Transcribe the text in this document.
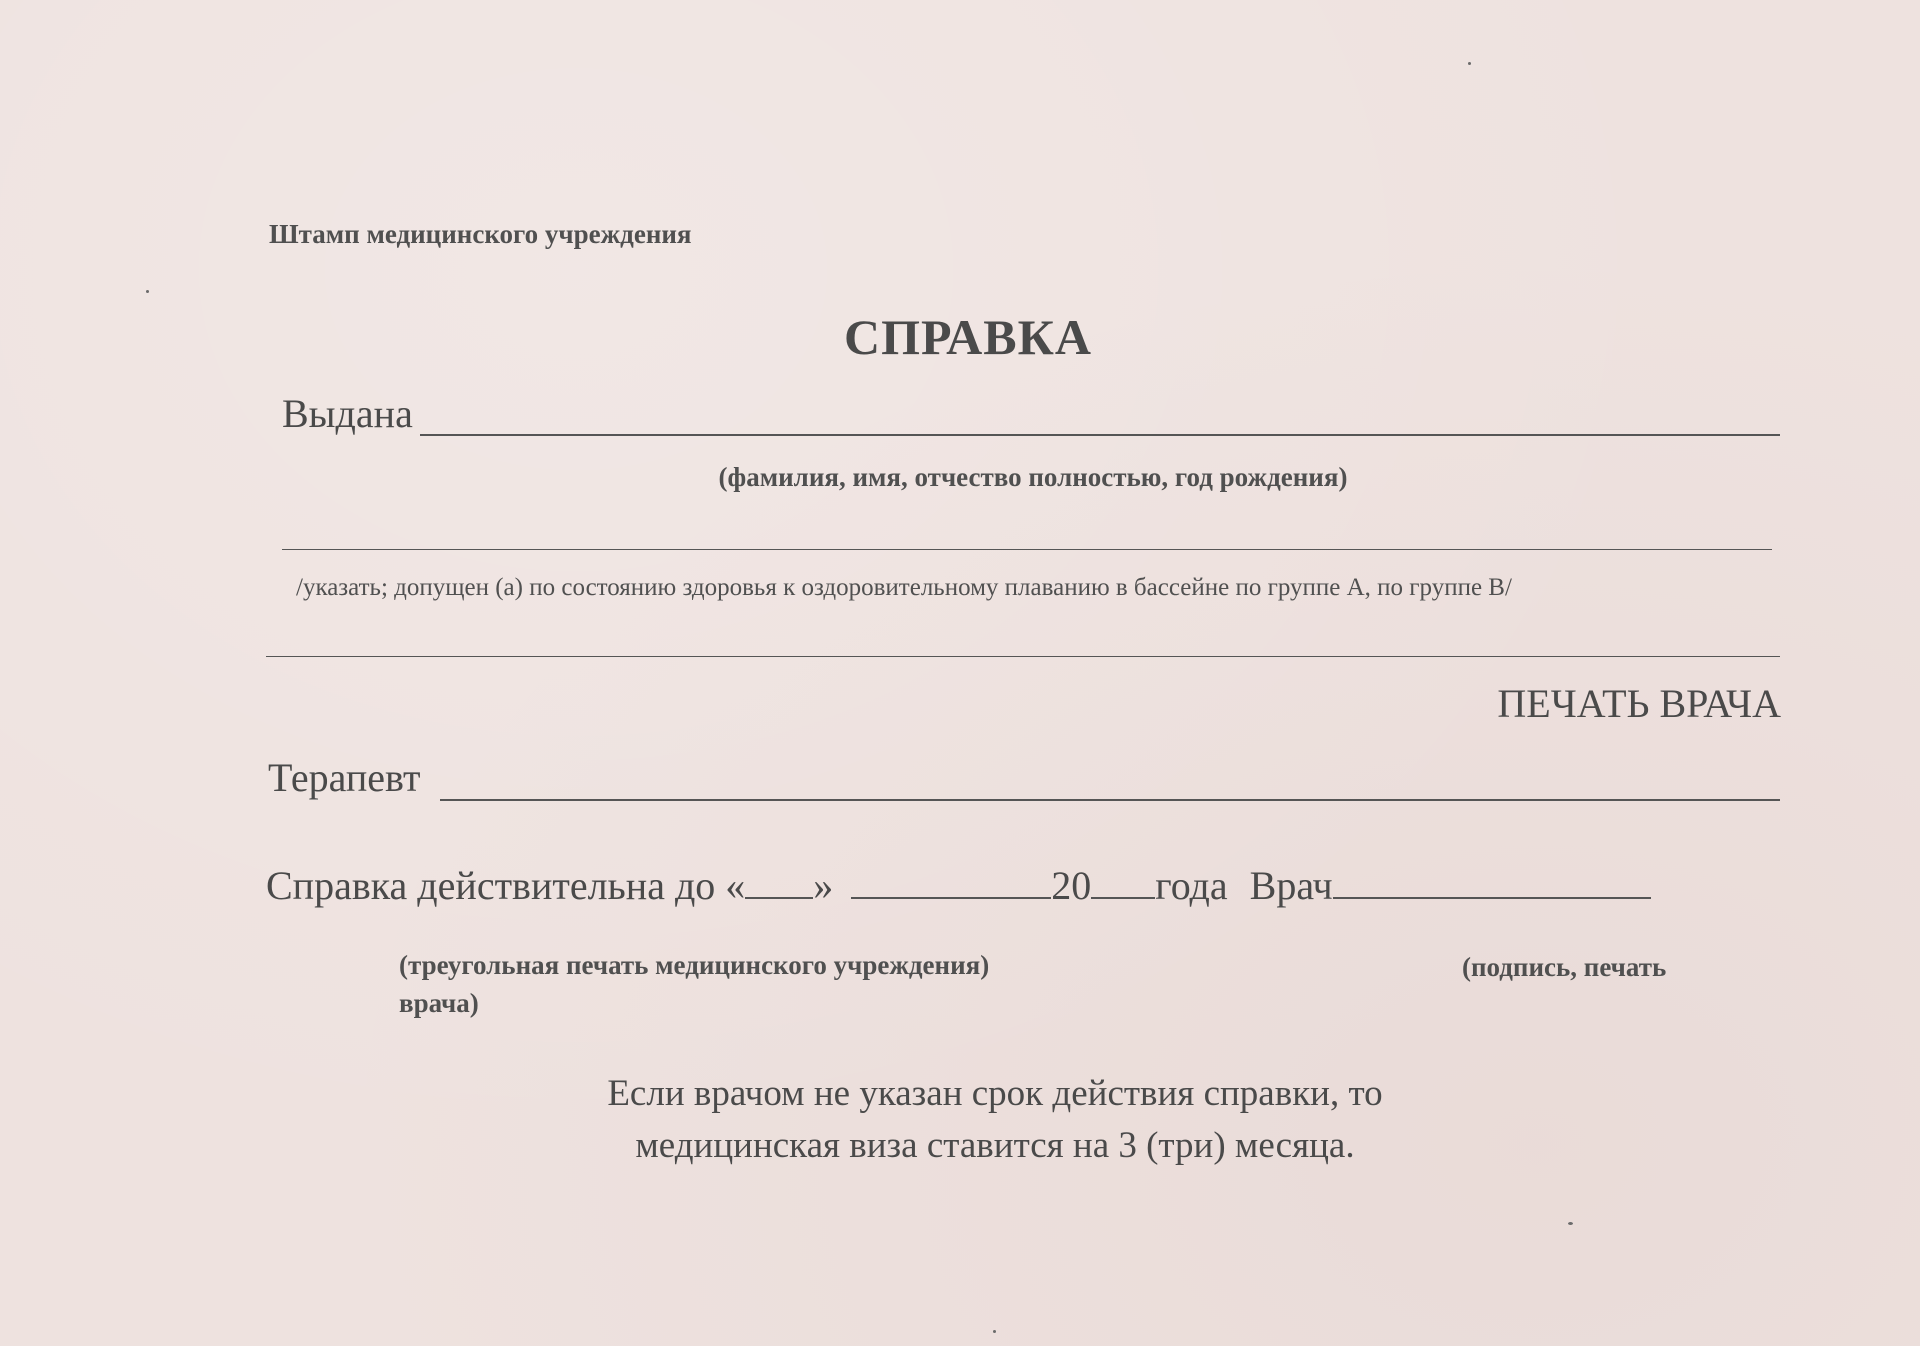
Штамп медицинского учреждения
СПРАВКА
Выдана
(фамилия, имя, отчество полностью, год рождения)
/указать; допущен (а) по состоянию здоровья к оздоровительному плаванию в бассейне по группе А, по группе В/
ПЕЧАТЬ ВРАЧА
Терапевт
Справка действительна до « »	20 года Врач
(треугольная печать медицинского учреждения)	(подпись, печать
врача)
Если врачом не указан срок действия справки, то
медицинская виза ставится на 3 (три) месяца.
